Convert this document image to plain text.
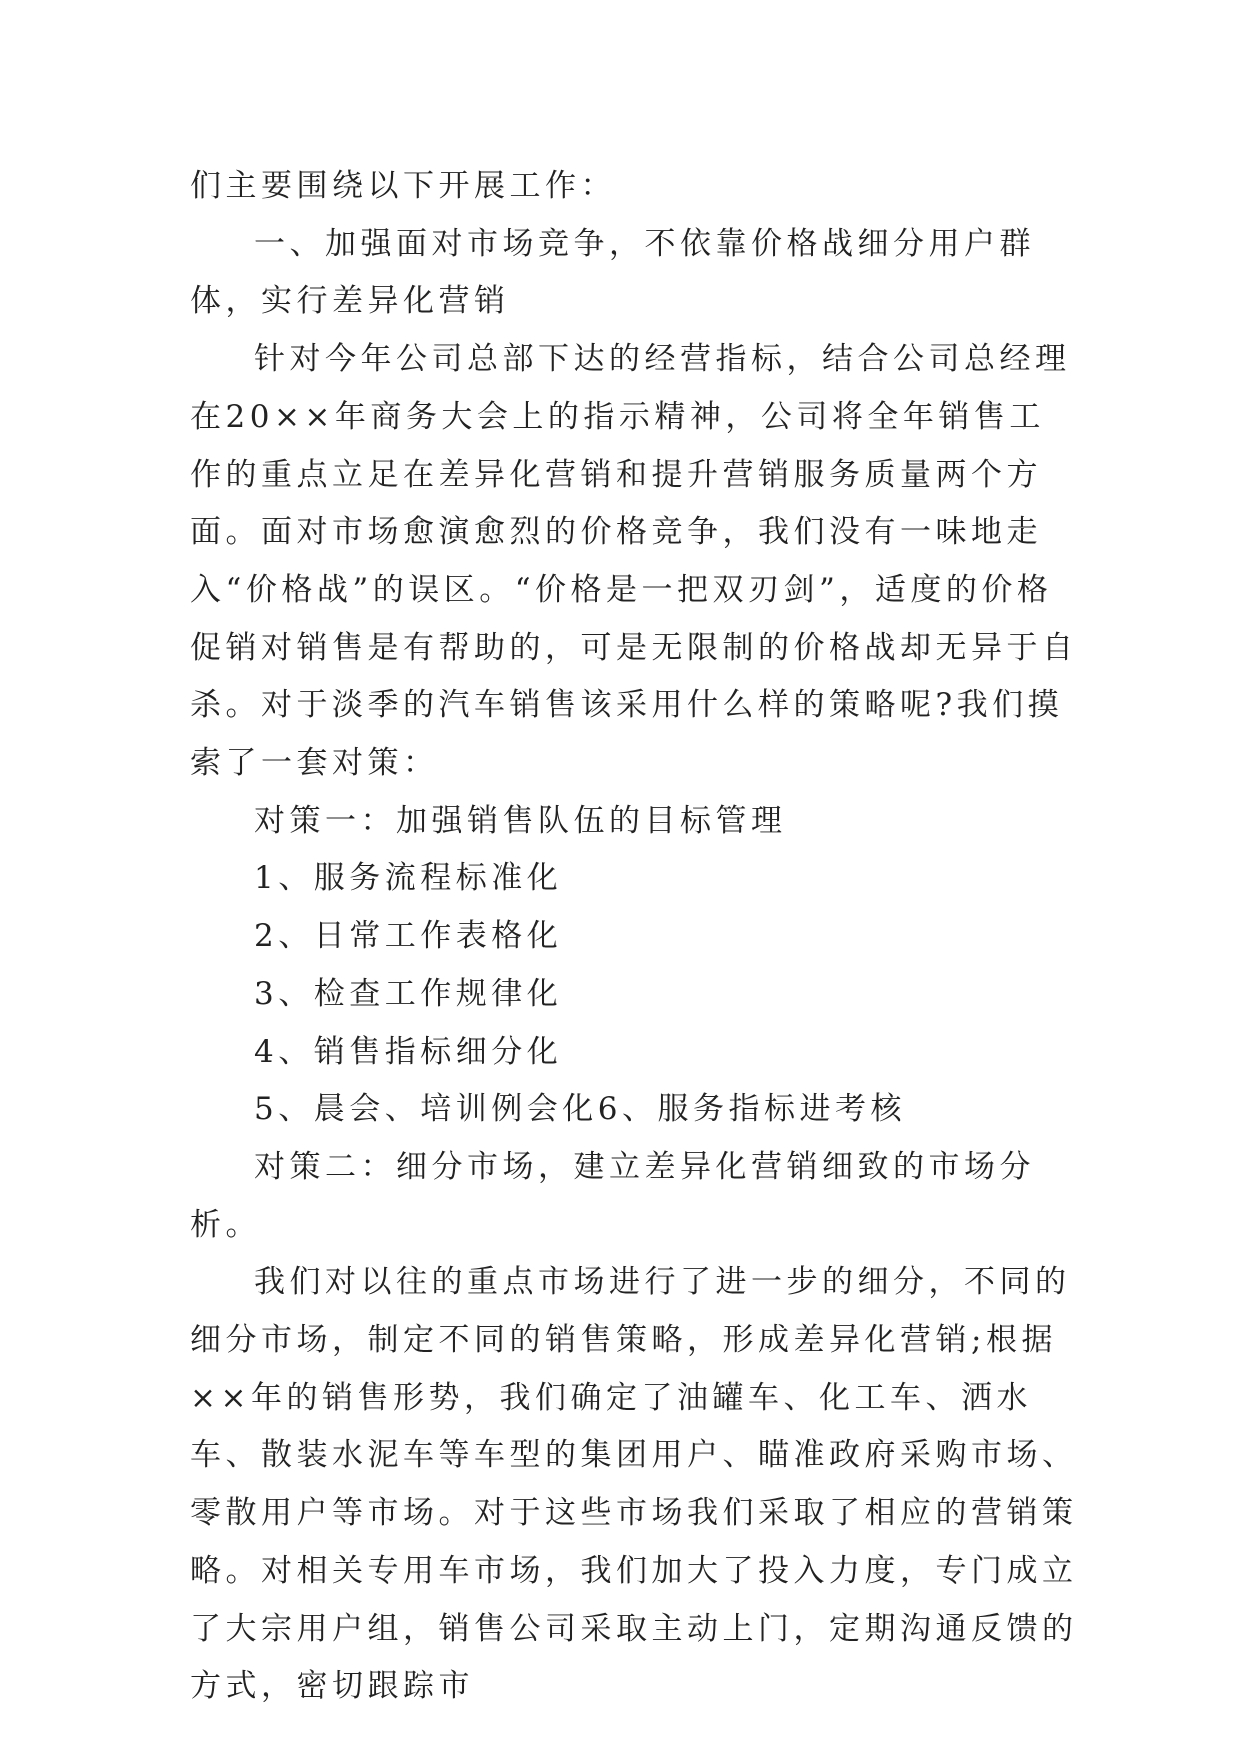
们主要围绕以下开展工作：

一、加强面对市场竞争，不依靠价格战细分用户群体，实行差异化营销

针对今年公司总部下达的经营指标，结合公司总经理在20××年商务大会上的指示精神，公司将全年销售工作的重点立足在差异化营销和提升营销服务质量两个方面。面对市场愈演愈烈的价格竞争，我们没有一味地走入“价格战”的误区。“价格是一把双刃剑”，适度的价格促销对销售是有帮助的，可是无限制的价格战却无异于自杀。对于淡季的汽车销售该采用什么样的策略呢?我们摸索了一套对策：

对策一：加强销售队伍的目标管理

1、服务流程标准化

2、日常工作表格化

3、检查工作规律化

4、销售指标细分化

5、晨会、培训例会化6、服务指标进考核

对策二：细分市场，建立差异化营销细致的市场分析。

我们对以往的重点市场进行了进一步的细分，不同的细分市场，制定不同的销售策略，形成差异化营销;根据××年的销售形势，我们确定了油罐车、化工车、洒水车、散装水泥车等车型的集团用户、瞄准政府采购市场、零散用户等市场。对于这些市场我们采取了相应的营销策略。对相关专用车市场，我们加大了投入力度，专门成立了大宗用户组，销售公司采取主动上门，定期沟通反馈的方式，密切跟踪市
